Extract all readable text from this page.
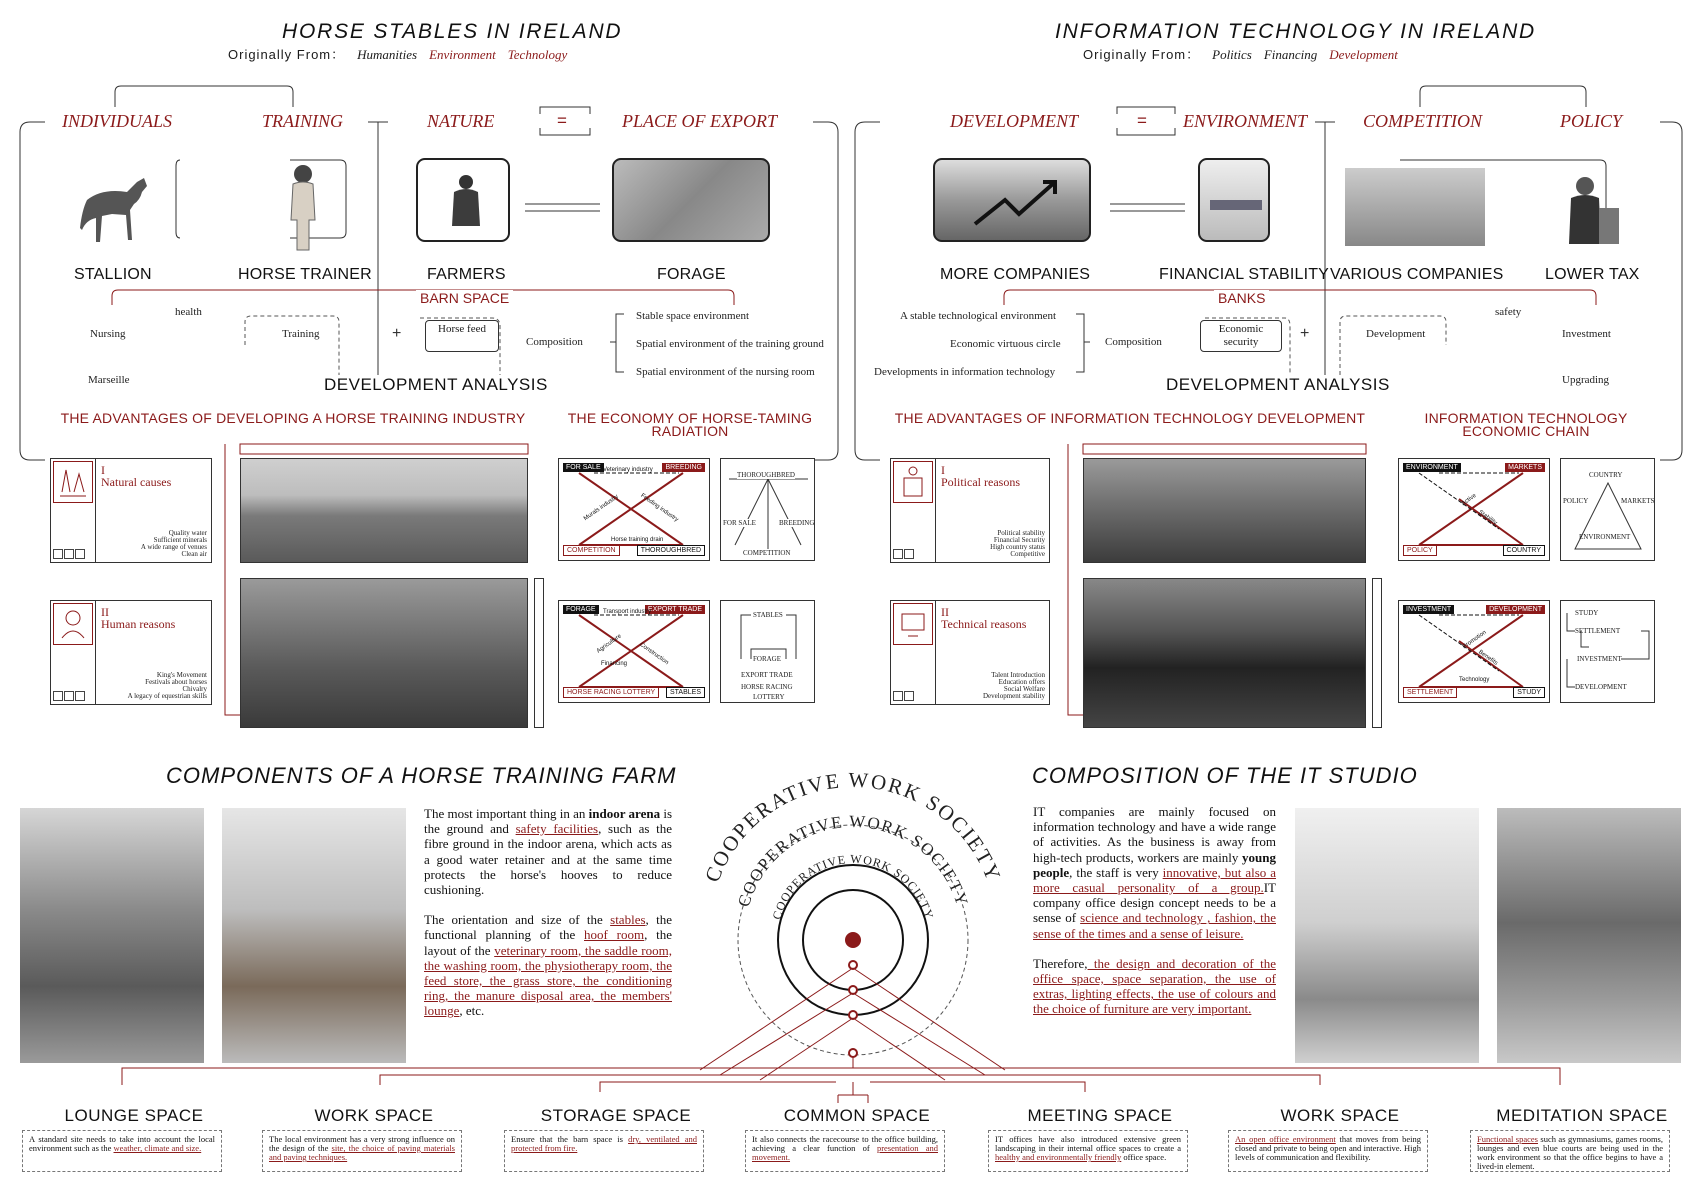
HORSE STABLES IN IRELAND
Originally From： Humanities Environment Technology
INDIVIDUALS	TRAINING	NATURE	=	PLACE OF EXPORT
STALLION	HORSE TRAINER	FARMERS	FORAGE
BARN SPACE
health
Nursing	Training
Marseille
+	Horse feed
Composition
Stable space environment
Spatial environment of the training ground
Spatial environment of the nursing room
DEVELOPMENT ANALYSIS
THE ADVANTAGES OF DEVELOPING A HORSE TRAINING INDUSTRY	THE ECONOMY OF HORSE-TAMING RADIATION
I
Natural causes
Quality water
Sufficient minerals
A wide range of venues
Clean air
II
Human reasons
King's Movement
Festivals about horses
Chivalry
A legacy of equestrian skills
FOR SALE	BREEDING
COMPETITION	THOROUGHBRED
Veterinary industry
Murals industry	Feeding industry
Horse training drain
THOROUGHBRED
FOR SALE	BREEDING
COMPETITION
FORAGE	EXPORT TRADE
HORSE RACING LOTTERY	STABLES
Transport industry
Agriculture	Construction
Financing
STABLES
FORAGE
EXPORT TRADE
HORSE RACING
LOTTERY
INFORMATION TECHNOLOGY IN IRELAND
Originally From： Politics Financing Development
DEVELOPMENT	= ENVIRONMENT	COMPETITION	POLICY
MORE COMPANIES	FINANCIAL STABILITY VARIOUS COMPANIES	LOWER TAX
BANKS
A stable technological environment
Economic virtuous circle
Developments in information technology
Composition
Economic security	+
safety
Development	Investment
Upgrading
DEVELOPMENT ANALYSIS
THE ADVANTAGES OF INFORMATION TECHNOLOGY DEVELOPMENT	INFORMATION TECHNOLOGY ECONOMIC CHAIN
I
Political reasons
Political stability
Financial Security
High country status
Competitive
II
Technical reasons
Talent Introduction
Education offers
Social Welfare
Development stability
ENVIRONMENT	MARKETS
POLICY	COUNTRY
Active
Stability
COUNTRY
POLICY	MARKETS
ENVIRONMENT
INVESTMENT	DEVELOPMENT
SETTLEMENT	STUDY
Promotion
Benefits
Technology
STUDY
SETTLEMENT
INVESTMENT
DEVELOPMENT
COMPONENTS OF A HORSE TRAINING FARM	COMPOSITION OF THE IT STUDIO

The most important thing in an indoor arena is the ground and safety facilities, such as the fibre ground in the indoor arena, which acts as a good water retainer and at the same time protects the horse's hooves to reduce cushioning.

The orientation and size of the stables, the functional planning of the hoof room, the layout of the veterinary room, the saddle room, the washing room, the physiotherapy room, the feed store, the grass store, the conditioning ring, the manure disposal area, the members' lounge, etc.

IT companies are mainly focused on information technology and have a wide range of activities. As the business is away from high-tech products, workers are mainly young people, the staff is very innovative, but also a more casual personality of a group.IT company office design concept needs to be a sense of science and technology , fashion, the sense of the times and a sense of leisure.

Therefore, the design and decoration of the office space, space separation, the use of extras, lighting effects, the use of colours and the choice of furniture are very important.

COOPERATIVE WORK SOCIETY
COOPERATIVE WORK SOCIETY
COOPERATIVE WORK SOCIETY
LOUNGE SPACE
A standard site needs to take into account the local environment such as the weather, climate and size.
WORK SPACE
The local environment has a very strong influence on the design of the site, the choice of paving materials and paving techniques.
STORAGE SPACE
Ensure that the barn space is dry, ventilated and protected from fire.
COMMON SPACE
It also connects the racecourse to the office building, achieving a clear function of presentation and movement.
MEETING SPACE
IT offices have also introduced extensive green landscaping in their internal office spaces to create a healthy and environmentally friendly office space.
WORK SPACE
An open office environment that moves from being closed and private to being open and interactive. High levels of communication and flexibility.
MEDITATION SPACE
Functional spaces such as gymnasiums, games rooms, lounges and even blue courts are being used in the work environment so that the office begins to have a lived-in element.
